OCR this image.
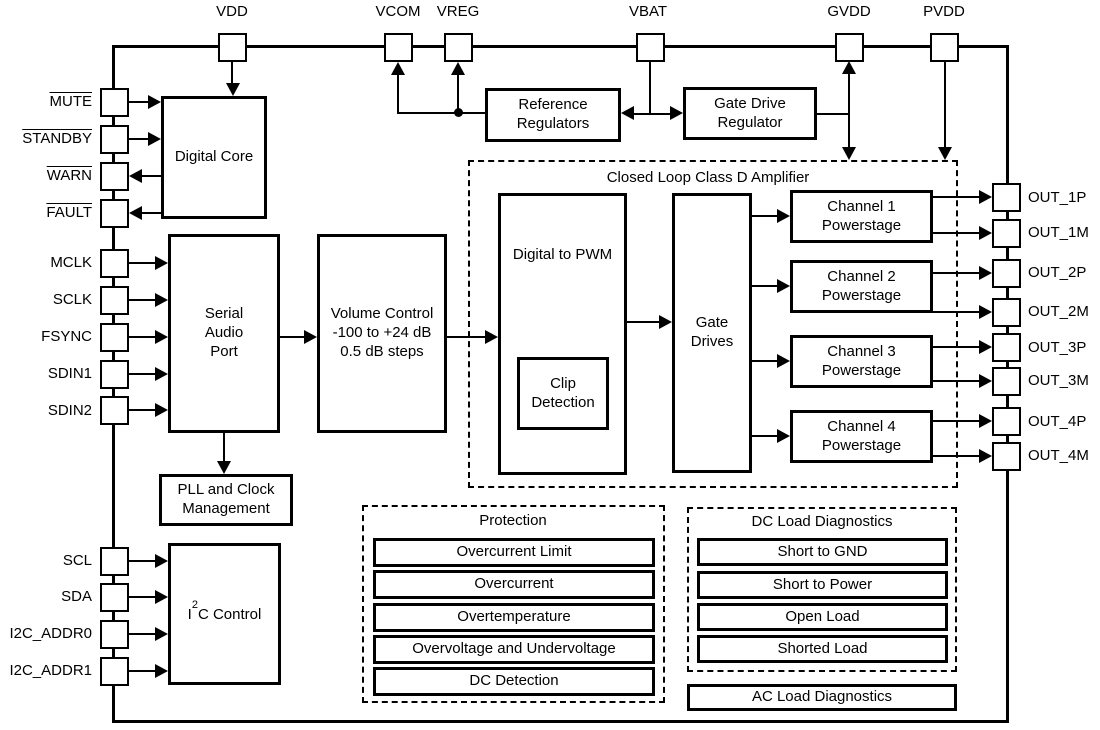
Closed Loop Class D Amplifier
Protection	DC Load Diagnostics
Digital Core
Serial
Audio
Port
Volume Control
-100 to +24 dB
0.5 dB steps
Reference
Regulators
Gate Drive
Regulator
Digital to PWM
Clip
Detection
Gate
Drives
Channel 1
Powerstage
Channel 2
Powerstage
Channel 3
Powerstage
Channel 4
Powerstage
PLL and Clock
Management
$I^2C$ Control
Overcurrent Limit
Overcurrent
Overtemperature
Overvoltage and Undervoltage
DC Detection
Short to GND
Short to Power
Open Load
Shorted Load
AC Load Diagnostics
VDD	VCOM VREG	VBAT	GVDD	PVDD
MUTE
STANDBY
WARN
FAULT
MCLK
SCLK
FSYNC
SDIN1
SDIN2
SCL
SDA
I2C_ADDR0
I2C_ADDR1
OUT_1P
OUT_1M
OUT_2P
OUT_2M
OUT_3P
OUT_3M
OUT_4P
OUT_4M
